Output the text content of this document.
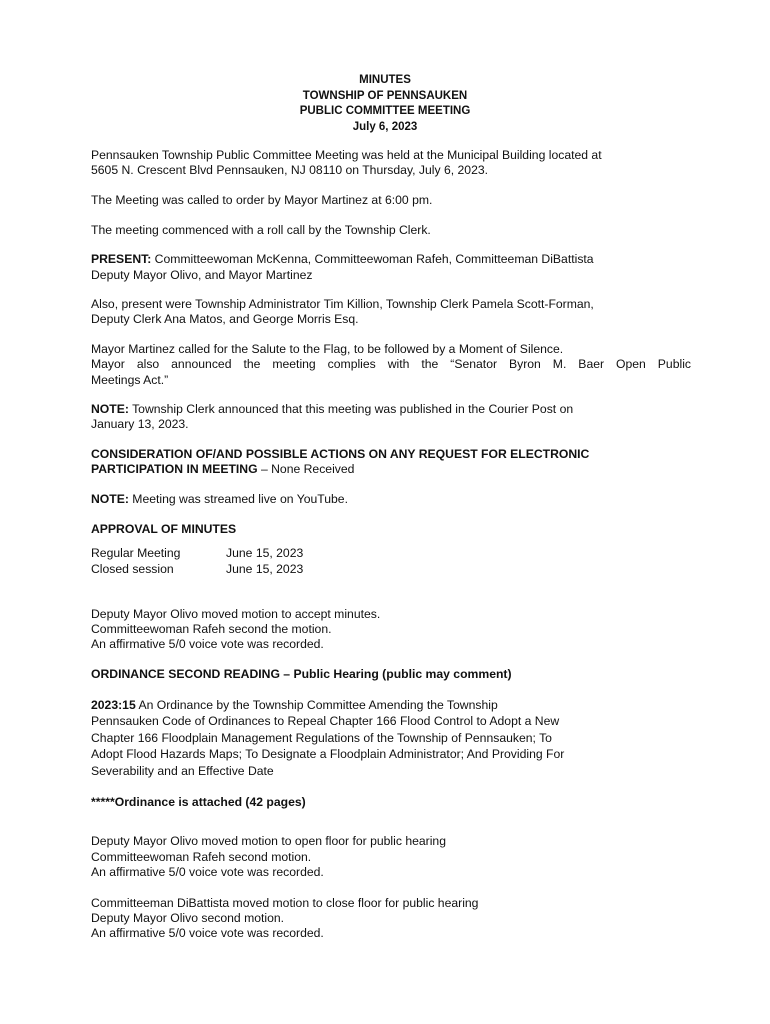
MINUTES
TOWNSHIP OF PENNSAUKEN
PUBLIC COMMITTEE MEETING
July 6, 2023

Pennsauken Township Public Committee Meeting was held at the Municipal Building located at
5605 N. Crescent Blvd Pennsauken, NJ 08110 on Thursday, July 6, 2023.

The Meeting was called to order by Mayor Martinez at 6:00 pm.

The meeting commenced with a roll call by the Township Clerk.

PRESENT: Committeewoman McKenna, Committeewoman Rafeh, Committeeman DiBattista
Deputy Mayor Olivo, and Mayor Martinez

Also, present were Township Administrator Tim Killion, Township Clerk Pamela Scott-Forman,
Deputy Clerk Ana Matos, and George Morris Esq.

Mayor Martinez called for the Salute to the Flag, to be followed by a Moment of Silence.
Mayor also announced the meeting complies with the “Senator Byron M. Baer Open Public
Meetings Act.”

NOTE: Township Clerk announced that this meeting was published in the Courier Post on
January 13, 2023.

CONSIDERATION OF/AND POSSIBLE ACTIONS ON ANY REQUEST FOR ELECTRONIC
PARTICIPATION IN MEETING – None Received

NOTE: Meeting was streamed live on YouTube.

APPROVAL OF MINUTES

Regular Meeting	June 15, 2023
Closed session	June 15, 2023

Deputy Mayor Olivo moved motion to accept minutes.
Committeewoman Rafeh second the motion.
An affirmative 5/0 voice vote was recorded.

ORDINANCE SECOND READING – Public Hearing (public may comment)

2023:15 An Ordinance by the Township Committee Amending the Township
Pennsauken Code of Ordinances to Repeal Chapter 166 Flood Control to Adopt a New
Chapter 166 Floodplain Management Regulations of the Township of Pennsauken; To
Adopt Flood Hazards Maps; To Designate a Floodplain Administrator; And Providing For
Severability and an Effective Date

*****Ordinance is attached (42 pages)

Deputy Mayor Olivo moved motion to open floor for public hearing
Committeewoman Rafeh second motion.
An affirmative 5/0 voice vote was recorded.

Committeeman DiBattista moved motion to close floor for public hearing
Deputy Mayor Olivo second motion.
An affirmative 5/0 voice vote was recorded.
